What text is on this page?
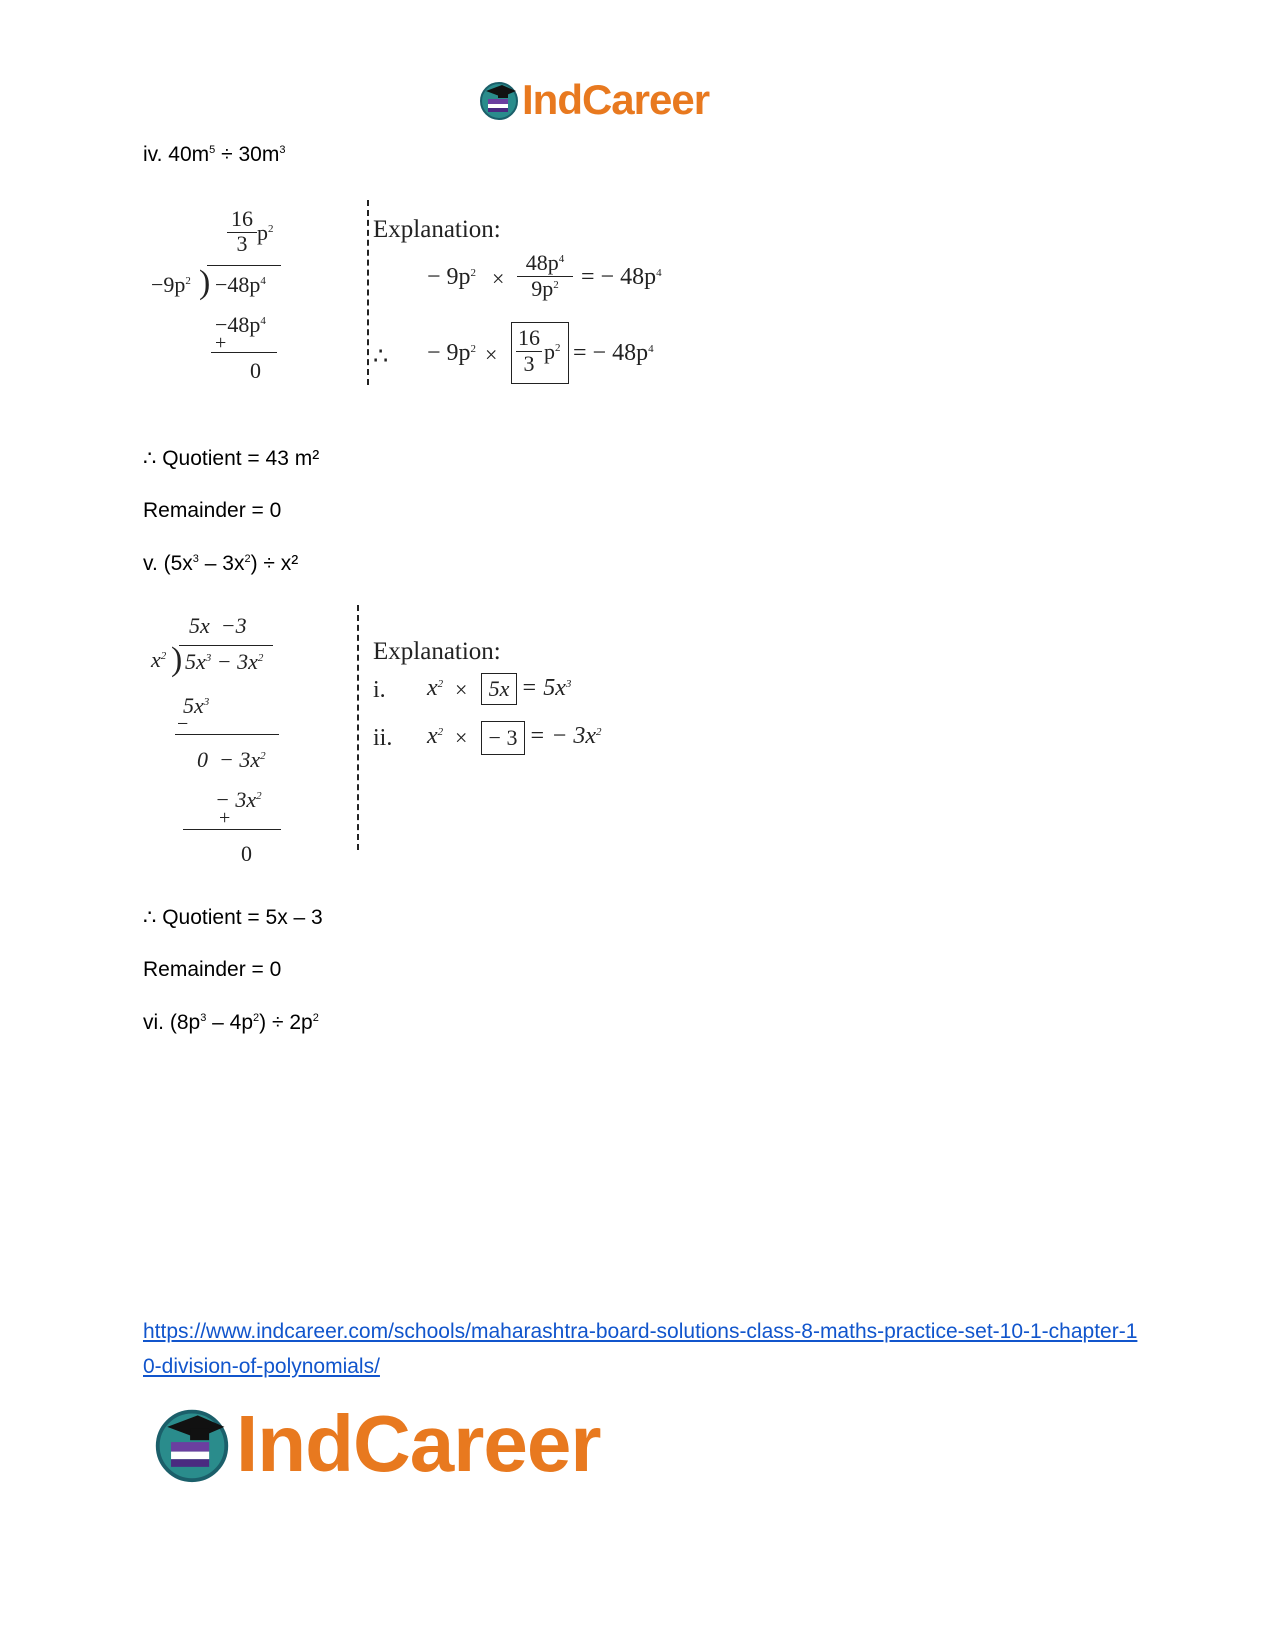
IndCareer
iv. $40m^5 \div 30m^3$
$\frac{16}{3} p^2$
$-9p^2$ ) $-48p^4$
$-48p^4$
+
0
Explanation:
− $9p^2$ ×
$48p^4$
$9p^2$ = − $48p^4$
∴ − $9p^2 \times \frac{16}{3} p^2$ = − $48p^4$
∴ Quotient = 43 m²
Remainder = 0
v. $(5x^3 - 3x^2) \div x^2$
5x  −3
$x^2$ ) $5x^3 - 3x^2$
$5x^3$
−
$0 - 3x^2$
− $3x^2$
+
0
Explanation:
i. $x^2 \times 5x = 5x^3$
ii. $x^2$ × − 3 = − $3x^2$
∴ Quotient = 5x – 3
Remainder = 0
vi. $(8p^3 - 4p^2) \div 2p^2$
https://www.indcareer.com/schools/maharashtra-board-solutions-class-8-maths-practice-set-10-1-chapter-10-division-of-polynomials/
IndCareer
